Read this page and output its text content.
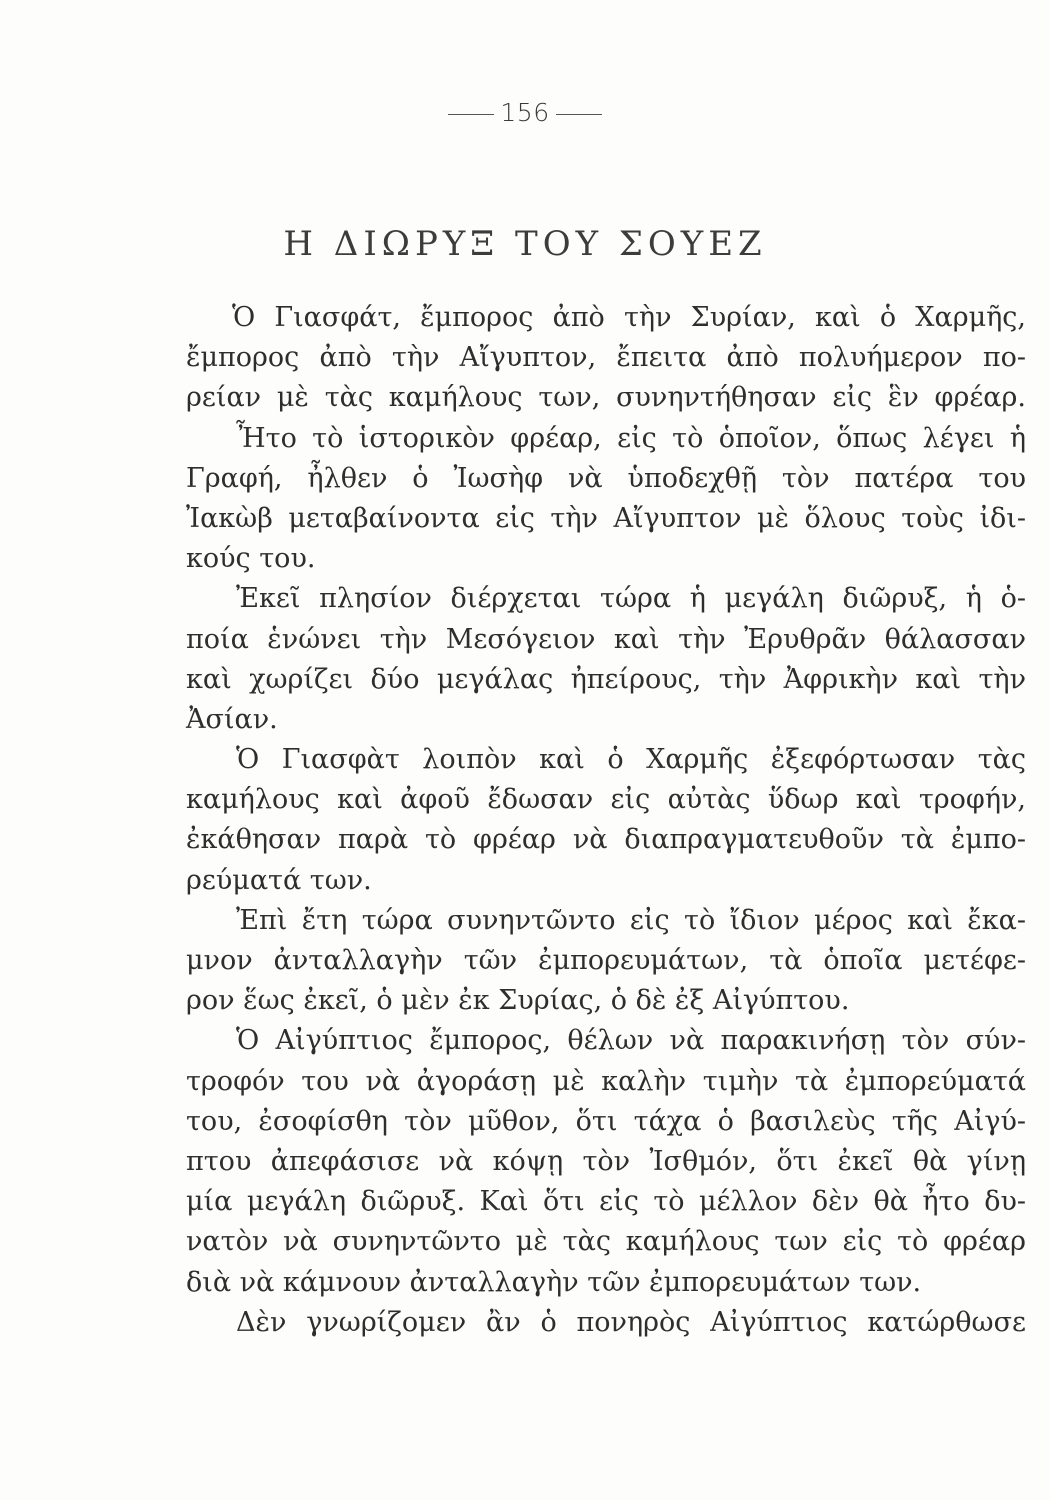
156
Η ΔΙΩΡΥΞ ΤΟΥ ΣΟΥΕΖ
Ὁ Γιασφάτ, ἔμπορος ἀπὸ τὴν Συρίαν, καὶ ὁ Χαρμῆς,
ἔμπορος ἀπὸ τὴν Αἴγυπτον, ἔπειτα ἀπὸ πολυήμερον πο-
ρείαν μὲ τὰς καμήλους των, συνηντήθησαν εἰς ἓν φρέαρ.
Ἦτο τὸ ἱστορικὸν φρέαρ, εἰς τὸ ὁποῖον, ὅπως λέγει ἡ
Γραφή, ἦλθεν ὁ Ἰωσὴφ νὰ ὑποδεχθῇ τὸν πατέρα του
Ἰακὼβ μεταβαίνοντα εἰς τὴν Αἴγυπτον μὲ ὅλους τοὺς ἰδι-
κούς του.
Ἐκεῖ πλησίον διέρχεται τώρα ἡ μεγάλη διῶρυξ, ἡ ὁ-
ποία ἑνώνει τὴν Μεσόγειον καὶ τὴν Ἐρυθρᾶν θάλασσαν
καὶ χωρίζει δύο μεγάλας ἠπείρους, τὴν Ἀφρικὴν καὶ τὴν
Ἀσίαν.
Ὁ Γιασφὰτ λοιπὸν καὶ ὁ Χαρμῆς ἐξεφόρτωσαν τὰς
καμήλους καὶ ἀφοῦ ἔδωσαν εἰς αὐτὰς ὕδωρ καὶ τροφήν,
ἐκάθησαν παρὰ τὸ φρέαρ νὰ διαπραγματευθοῦν τὰ ἐμπο-
ρεύματά των.
Ἐπὶ ἔτη τώρα συνηντῶντο εἰς τὸ ἴδιον μέρος καὶ ἔκα-
μνον ἀνταλλαγὴν τῶν ἐμπορευμάτων, τὰ ὁποῖα μετέφε-
ρον ἕως ἐκεῖ, ὁ μὲν ἐκ Συρίας, ὁ δὲ ἐξ Αἰγύπτου.
Ὁ Αἰγύπτιος ἔμπορος, θέλων νὰ παρακινήσῃ τὸν σύν-
τροφόν του νὰ ἀγοράσῃ μὲ καλὴν τιμὴν τὰ ἐμπορεύματά
του, ἐσοφίσθη τὸν μῦθον, ὅτι τάχα ὁ βασιλεὺς τῆς Αἰγύ-
πτου ἀπεφάσισε νὰ κόψῃ τὸν Ἰσθμόν, ὅτι ἐκεῖ θὰ γίνῃ
μία μεγάλη διῶρυξ. Καὶ ὅτι εἰς τὸ μέλλον δὲν θὰ ἦτο δυ-
νατὸν νὰ συνηντῶντο μὲ τὰς καμήλους των εἰς τὸ φρέαρ
διὰ νὰ κάμνουν ἀνταλλαγὴν τῶν ἐμπορευμάτων των.
Δὲν γνωρίζομεν ἂν ὁ πονηρὸς Αἰγύπτιος κατώρθωσε
